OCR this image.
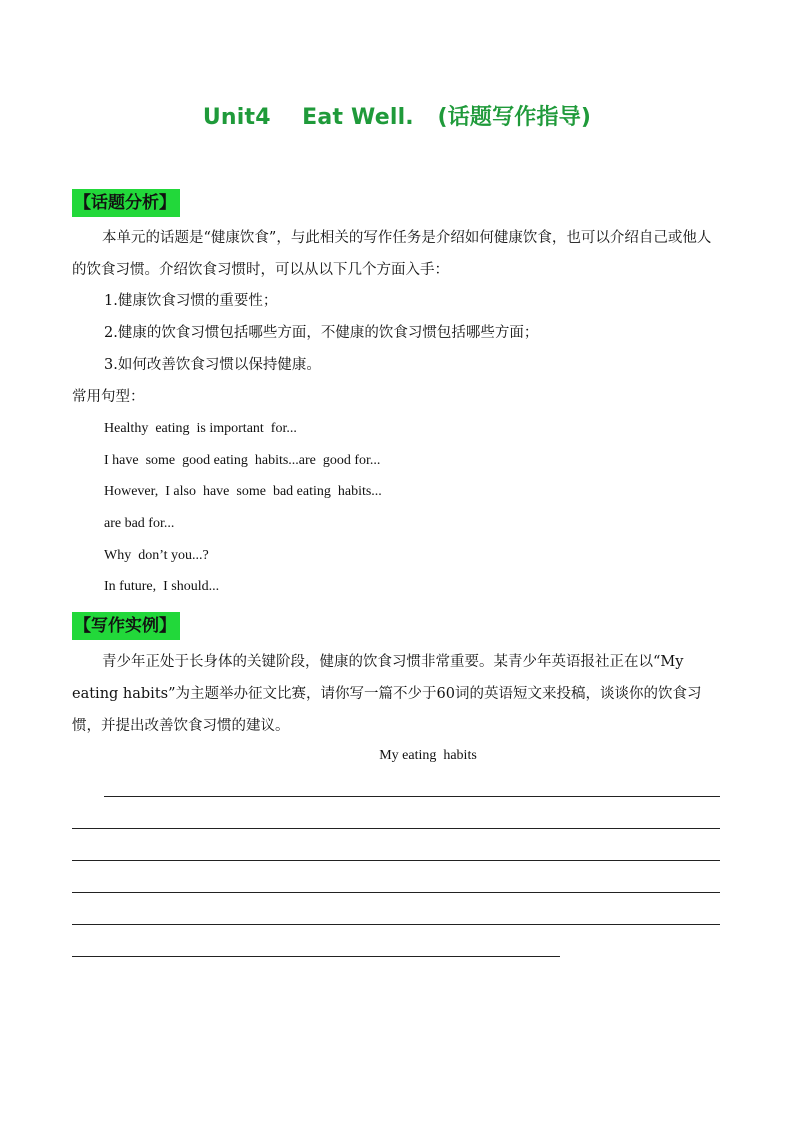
Unit4    Eat Well.   (话题写作指导)
【话题分析】
本单元的话题是“健康饮食”，与此相关的写作任务是介绍如何健康饮食，也可以介绍自己或他人的饮食习惯。介绍饮食习惯时，可以从以下几个方面入手：
1.健康饮食习惯的重要性；
2.健康的饮食习惯包括哪些方面，不健康的饮食习惯包括哪些方面；
3.如何改善饮食习惯以保持健康。
常用句型：
Healthy  eating  is important  for...
I have  some  good eating  habits...are  good for...
However,  I also  have  some  bad eating  habits...
are bad for...
Why  don’t you...?
In future,  I should...
【写作实例】
青少年正处于长身体的关键阶段，健康的饮食习惯非常重要。某青少年英语报社正在以“My eating habits”为主题举办征文比赛，请你写一篇不少于60词的英语短文来投稿，谈谈你的饮食习惯，并提出改善饮食习惯的建议。
My eating  habits
